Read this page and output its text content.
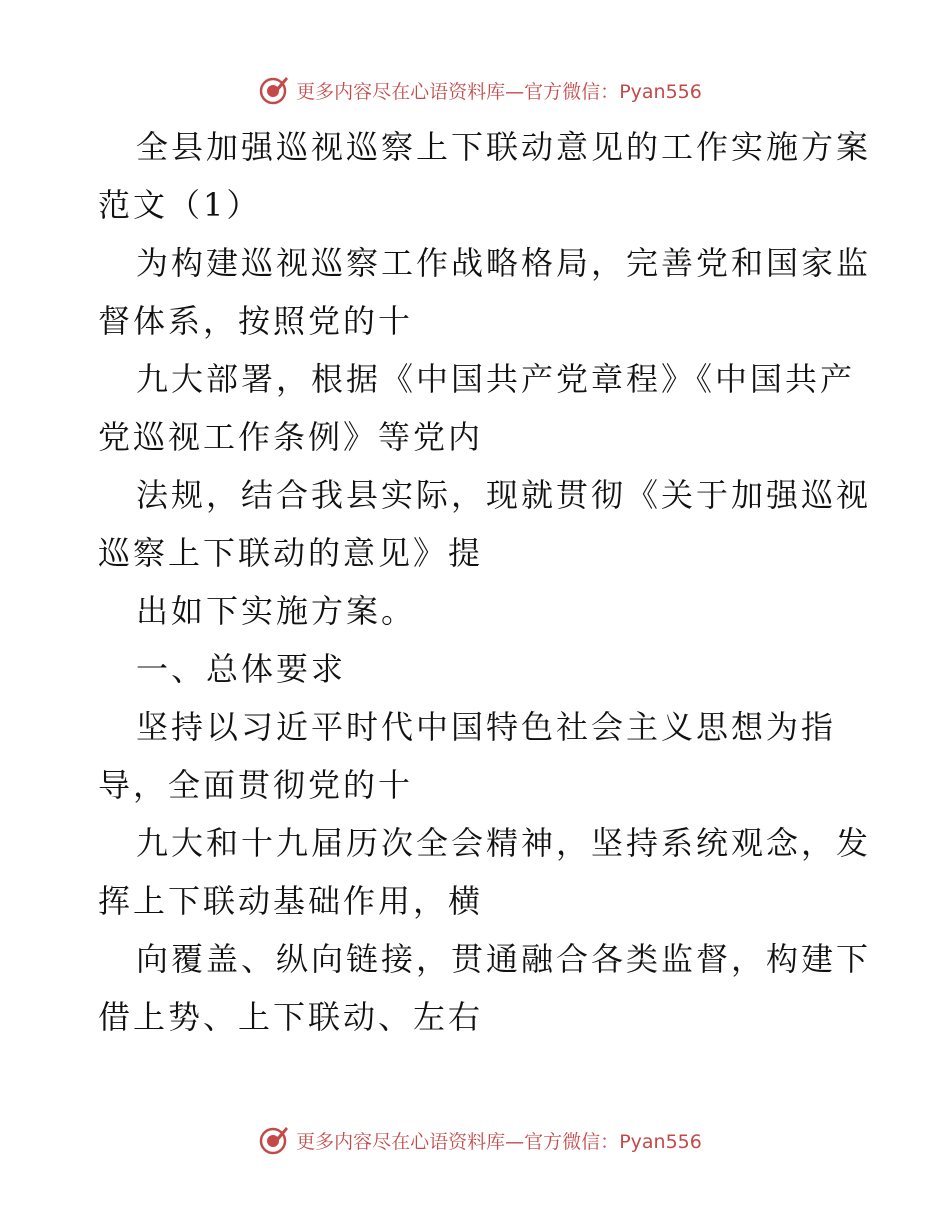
更多内容尽在心语资料库—官方微信：Pyan556
全县加强巡视巡察上下联动意见的工作实施方案
范文（1）
为构建巡视巡察工作战略格局，完善党和国家监
督体系，按照党的十
九大部署，根据《中国共产党章程》《中国共产
党巡视工作条例》等党内
法规，结合我县实际，现就贯彻《关于加强巡视
巡察上下联动的意见》提
出如下实施方案。
一、总体要求
坚持以习近平时代中国特色社会主义思想为指
导，全面贯彻党的十
九大和十九届历次全会精神，坚持系统观念，发
挥上下联动基础作用，横
向覆盖、纵向链接，贯通融合各类监督，构建下
借上势、上下联动、左右
更多内容尽在心语资料库—官方微信：Pyan556
